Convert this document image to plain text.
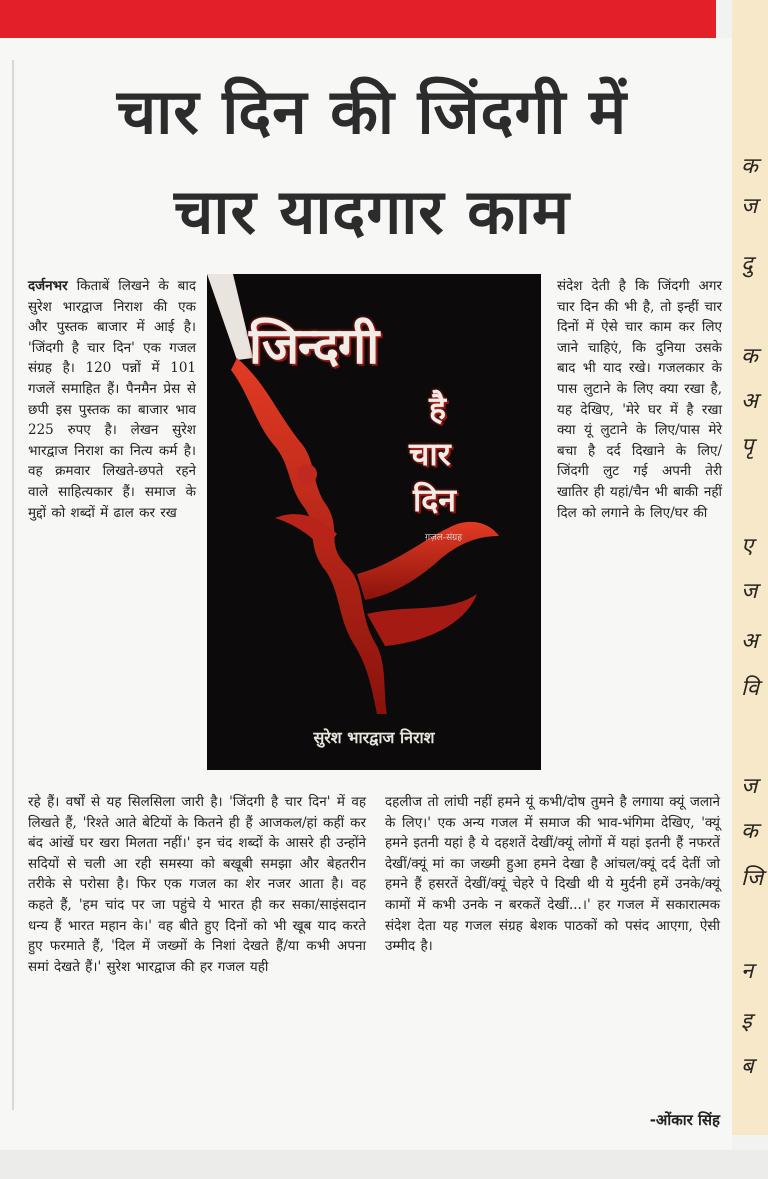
क
ज
दु
क
अ
पृ
ए
ज
अ
वि
ज
क
जि
न
इ
ब
चार दिन की जिंदगी में
चार यादगार काम
दर्जनभर किताबें लिखने के बाद सुरेश भारद्वाज निराश की एक और पुस्तक बाजार में आई है। 'जिंदगी है चार दिन' एक गजल संग्रह है। 120 पन्नों में 101 गजलें समाहित हैं। पैनमैन प्रेस से छपी इस पुस्तक का बाजार भाव 225 रुपए है। लेखन सुरेश भारद्वाज निराश का नित्य कर्म है। वह क्रमवार लिखते-छपते रहने वाले साहित्यकार हैं। समाज के मुद्दों को शब्दों में ढाल कर रख
जिन्दगी
है
चार
दिन
ग़ज़ल-संग्रह
सुरेश भारद्वाज निराश
संदेश देती है कि जिंदगी अगर चार दिन की भी है, तो इन्हीं चार दिनों में ऐसे चार काम कर लिए जाने चाहिएं, कि दुनिया उसके बाद भी याद रखे। गजलकार के पास लुटाने के लिए क्या रखा है, यह देखिए, 'मेरे घर में है रखा क्या यूं लुटाने के लिए/पास मेरे बचा है दर्द दिखाने के लिए/जिंदगी लुट गई अपनी तेरी खातिर ही यहां/चैन भी बाकी नहीं दिल को लगाने के लिए/घर की
रहे हैं। वर्षों से यह सिलसिला जारी है। 'जिंदगी है चार दिन' में वह लिखते हैं, 'रिश्ते आते बेटियों के कितने ही हैं आजकल/हां कहीं कर बंद आंखें घर खरा मिलता नहीं।' इन चंद शब्दों के आसरे ही उन्होंने सदियों से चली आ रही समस्या को बखूबी समझा और बेहतरीन तरीके से परोसा है। फिर एक गजल का शेर नजर आता है। वह कहते हैं, 'हम चांद पर जा पहुंचे ये भारत ही कर सका/साइंसदान धन्य हैं भारत महान के।' वह बीते हुए दिनों को भी खूब याद करते हुए फरमाते हैं, 'दिल में जख्मों के निशां देखते हैं/या कभी अपना समां देखते हैं।' सुरेश भारद्वाज की हर गजल यही
दहलीज तो लांघी नहीं हमने यूं कभी/दोष तुमने है लगाया क्यूं जलाने के लिए।' एक अन्य गजल में समाज की भाव-भंगिमा देखिए, 'क्यूं हमने इतनी यहां है ये दहशतें देखीं/क्यूं लोगों में यहां इतनी हैं नफरतें देखीं/क्यूं मां का जख्मी हुआ हमने देखा है आंचल/क्यूं दर्द देतीं जो हमने हैं हसरतें देखीं/क्यूं चेहरे पे दिखी थी ये मुर्दनी हमें उनके/क्यूं कामों में कभी उनके न बरकतें देखीं...।' हर गजल में सकारात्मक संदेश देता यह गजल संग्रह बेशक पाठकों को पसंद आएगा, ऐसी उम्मीद है।
-ओंकार सिंह
